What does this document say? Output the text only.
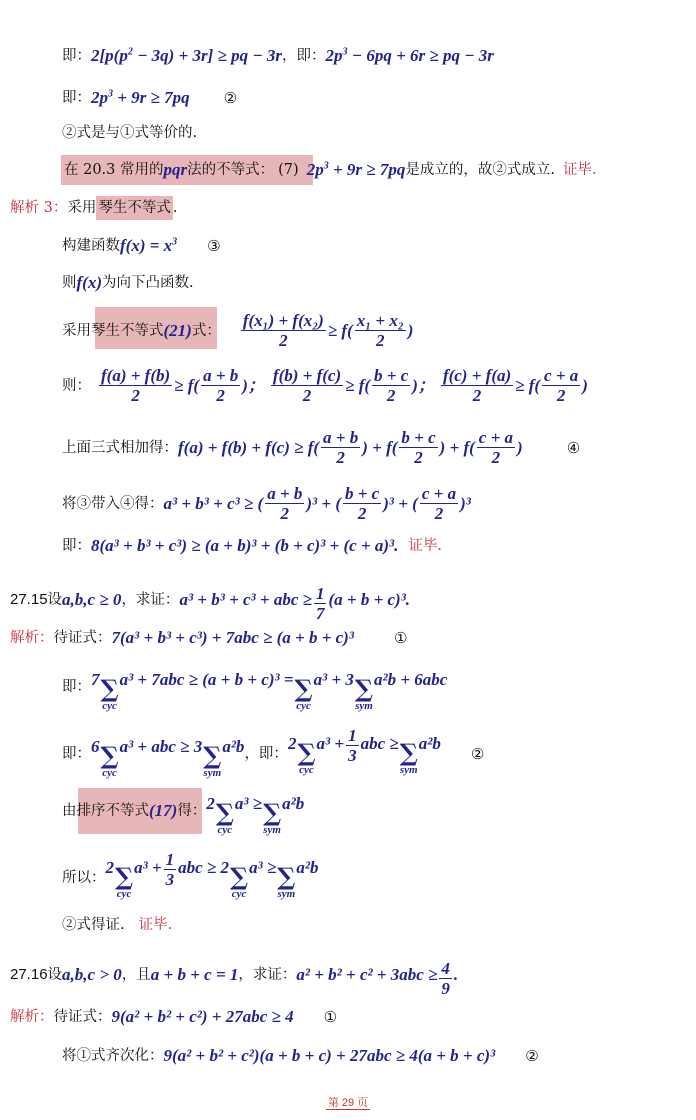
即： $2[p(p^2 - 3q) + 3r]$ ≥ pq − 3r ，即： $2p^3 - 6pq + 6r$ ≥ pq − 3r
即： $2p^3 + 9r \ge 7pq$ ②
②式是与①式等价的.
在 20.3 常用的 pqr 法的不等式： (7) $2p^3 + 9r \ge 7pq$ 是成立的，故②式成立. 证毕.
解析 3： 采用 琴生不等式 .
构建函数 $f(x) = x^3$ ③
则 f(x) 为向下凸函数.
采用 琴生不等式 (21) 式： $\frac{\text{f(x₁) + f(x₂)}}{2} \ge f( \frac{\text{x₁ + x₂}}{2}$ )
则： $\frac{f(a) + f(b)}{2} \ge f( \frac{a + b}{2}$ )； $\frac{f(b) + f(c)}{2} \ge f( \frac{b + c}{2}$ )； $\frac{f(c) + f(a)}{2} \ge f( \frac{c + a}{2}$ )
上面三式相加得： $f(a) + f(b) + f(c) \ge f( \frac{a + b}{2}$ ) + $f( \frac{b + c}{2}$ ) + $f( \frac{c + a}{2}$ )	④
将③带入④得： a³ + b³ + c³ ≥ ( $\frac{a + b}{2} )^3$ + ( $\frac{b + c}{2} )^3$ + ( $\frac{c + a}{2} )^3$
即： 8(a³ + b³ + c³) ≥ (a + b)³ + (b + c)³ + (c + a)³. 证毕.
27.15 设 a,b,c ≥ 0 ，求证： a³ + b³ + c³ + abc ≥ $\frac{1}{7} (a + b + c)^3$.
解析： 待证式： 7(a³ + b³ + c³) + 7abc ≥ (a + b + c)³	①
即： 7 ∑
cyc
a³ + 7abc ≥ (a + b + c)³ = ∑
cyc
a³ + 3 ∑
sym
a²b + 6abc
即： 6 ∑
cyc
a³ + abc ≥ 3 ∑
sym
a²b ，即：
2 ∑
cyc
$a^3 + \frac{1}{3}$ abc ≥ ∑
sym
a²b
②
由 排序不等式 (17) 得： 2 ∑
cyc
a³ ≥ ∑
sym
a²b
所以：
2 ∑
cyc
$a^3 + \frac{1}{3}$ abc ≥ 2 ∑
cyc
a³ ≥ ∑
sym
a²b
②式得证. 证毕.
27.16 设 a,b,c > 0 ，且 a + b + c = 1 ，求证： $a^2 + b^2 + c^2 + 3abc \ge \frac{4}{9}$ .
解析： 待证式： 9(a² + b² + c²) + 27abc ≥ 4 ①
将①式齐次化： 9(a² + b² + c²)(a + b + c) + 27abc ≥ 4(a + b + c)³ ②
第 29 页
